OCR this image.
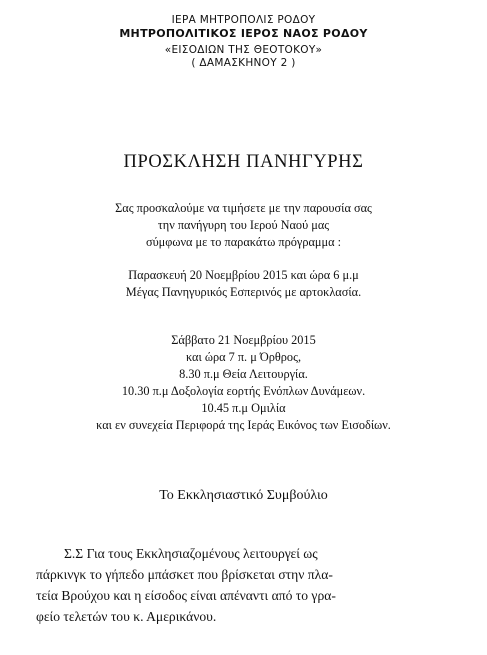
ΙΕΡΑ ΜΗΤΡΟΠΟΛΙΣ ΡΟΔΟΥ
ΜΗΤΡΟΠΟΛΙΤΙΚΟΣ ΙΕΡΟΣ ΝΑΟΣ ΡΟΔΟΥ
«ΕΙΣΟΔΙΩΝ ΤΗΣ ΘΕΟΤΟΚΟΥ»
( ΔΑΜΑΣΚΗΝΟΥ 2 )
ΠΡΟΣΚΛΗΣΗ ΠΑΝΗΓΥΡΗΣ
Σας προσκαλούμε να τιμήσετε με την παρουσία σας
την πανήγυρη του Ιερού Ναού μας
σύμφωνα με το παρακάτω πρόγραμμα :
Παρασκευή 20 Νοεμβρίου 2015 και ώρα 6 μ.μ
Μέγας Πανηγυρικός Εσπερινός με αρτοκλασία.
Σάββατο 21 Νοεμβρίου 2015
και ώρα 7 π. μ Όρθρος,
8.30 π.μ Θεία Λειτουργία.
10.30 π.μ Δοξολογία εορτής Ενόπλων Δυνάμεων.
10.45 π.μ Ομιλία
και εν συνεχεία Περιφορά της Ιεράς Εικόνος των Εισοδίων.
Το Εκκλησιαστικό Συμβούλιο
Σ.Σ Για τους Εκκλησιαζομένους λειτουργεί ως
πάρκινγκ το γήπεδο μπάσκετ που βρίσκεται στην πλα-
τεία Βρούχου και η είσοδος είναι απέναντι από το γρα-
φείο τελετών του κ. Αμερικάνου.
